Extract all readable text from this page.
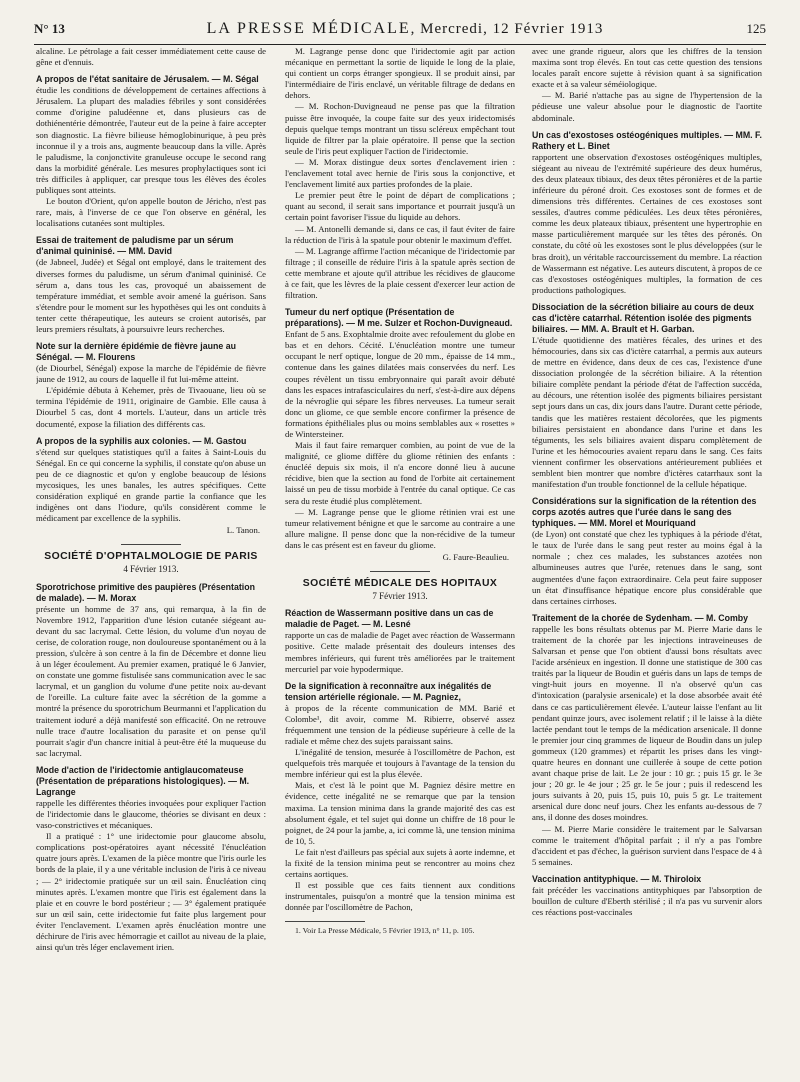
N° 13	LA PRESSE MÉDICALE, Mercredi, 12 Février 1913	125

alcaline. Le pétrolage a fait cesser immédiatement cette cause de gêne et d'ennuis.

A propos de l'état sanitaire de Jérusalem. — M. Ségal

étudie les conditions de développement de certaines affections à Jérusalem. La plupart des maladies fébriles y sont considérées comme d'origine paludéenne et, dans plusieurs cas de dothiénentérie démontrée, l'auteur eut de la peine à faire accepter son diagnostic. La fièvre bilieuse hémoglobinurique, à peu près inconnue il y a trois ans, augmente beaucoup dans la ville. Après le paludisme, la conjonctivite granuleuse occupe le second rang dans la morbidité générale. Les mesures prophylactiques sont ici très difficiles à appliquer, car presque tous les élèves des écoles publiques sont atteints.

Le bouton d'Orient, qu'on appelle bouton de Jéricho, n'est pas rare, mais, à l'inverse de ce que l'on observe en général, les localisations cutanées sont multiples.

Essai de traitement de paludisme par un sérum d'animal quininisé. — MM. David

(de Jabneel, Judée) et Ségal ont employé, dans le traitement des diverses formes du paludisme, un sérum d'animal quininisé. Ce sérum a, dans tous les cas, provoqué un abaissement de température immédiat, et semble avoir amené la guérison. Sans s'étendre pour le moment sur les hypothèses qui les ont conduits à tenter cette thérapeutique, les auteurs se croient autorisés, par leurs premiers résultats, à poursuivre leurs recherches.

Note sur la dernière épidémie de fièvre jaune au Sénégal. — M. Flourens

(de Diourbel, Sénégal) expose la marche de l'épidémie de fièvre jaune de 1912, au cours de laquelle il fut lui-même atteint.

L'épidémie débuta à Kehemer, près de Tivaouane, lieu où se termina l'épidémie de 1911, originaire de Gambie. Elle causa à Diourbel 5 cas, dont 4 mortels. L'auteur, dans un article très documenté, expose la filiation des différents cas.

A propos de la syphilis aux colonies. — M. Gastou

s'étend sur quelques statistiques qu'il a faites à Saint-Louis du Sénégal. En ce qui concerne la syphilis, il constate qu'on abuse un peu de ce diagnostic et qu'on y englobe beaucoup de lésions mycosiques, les unes banales, les autres spécifiques. Cette considération expliqué en grande partie la confiance que les indigènes ont dans l'iodure, qu'ils considèrent comme le médicament par excellence de la syphilis.

L. Tanon.

SOCIÉTÉ D'OPHTALMOLOGIE DE PARIS
4 Février 1913.
Sporotrichose primitive des paupières (Présentation de malade). — M. Morax

présente un homme de 37 ans, qui remarqua, à la fin de Novembre 1912, l'apparition d'une lésion cutanée siégeant au-devant du sac lacrymal. Cette lésion, du volume d'un noyau de cerise, de coloration rouge, non douloureuse spontanément ou à la pression, s'ulcère à son centre à la fin de Décembre et donne lieu à un léger écoulement. Au premier examen, pratiqué le 6 Janvier, on constate une gomme fistulisée sans communication avec le sac lacrymal, et un ganglion du volume d'une petite noix au-devant de l'oreille. La culture faite avec la sécrétion de la gomme a montré la présence du sporotrichum Beurmanni et l'application du traitement ioduré a déjà manifesté son efficacité. On ne retrouve nulle trace d'autre localisation du parasite et on pense qu'il pourrait s'agir d'un chancre initial à peut-être été la muqueuse du sac lacrymal.

Mode d'action de l'iridectomie antiglaucomateuse (Présentation de préparations histologiques). — M. Lagrange

rappelle les différentes théories invoquées pour expliquer l'action de l'iridectomie dans le glaucome, théories se divisant en deux : vaso-constrictives et mécaniques.

Il a pratiqué : 1° une iridectomie pour glaucome absolu, complications post-opératoires ayant nécessité l'énucléation quatre jours après. L'examen de la pièce montre que l'iris ourle les bords de la plaie, il y a une véritable inclusion de l'iris à ce niveau ; — 2° iridectomie pratiquée sur un œil sain. Énucléation cinq minutes après. L'examen montre que l'iris est également dans la plaie et en couvre le bord postérieur ; — 3° également pratiquée sur un œil sain, cette iridectomie fut faite plus largement pour éviter l'enclavement. L'examen après énucléation montre une déchirure de l'iris avec hémorragie et caillot au niveau de la plaie, ainsi qu'un très léger enclavement irien.

M. Lagrange pense donc que l'iridectomie agit par action mécanique en permettant la sortie de liquide le long de la plaie, qui contient un corps étranger spongieux. Il se produit ainsi, par l'intermédiaire de l'iris enclavé, un véritable filtrage de dedans en dehors.

— M. Rochon-Duvigneaud ne pense pas que la filtration puisse être invoquée, la coupe faite sur des yeux iridectomisés depuis quelque temps montrant un tissu scléreux empêchant tout liquide de filtrer par la plaie opératoire. Il pense que la section seule de l'iris peut expliquer l'action de l'iridectomie.

— M. Morax distingue deux sortes d'enclavement irien : l'enclavement total avec hernie de l'iris sous la conjonctive, et l'enclavement limité aux parties profondes de la plaie.

Le premier peut être le point de départ de complications ; quant au second, il serait sans importance et pourrait jusqu'à un certain point favoriser l'issue du liquide au dehors.

— M. Antonelli demande si, dans ce cas, il faut éviter de faire la réduction de l'iris à la spatule pour obtenir le maximum d'effet.

— M. Lagrange affirme l'action mécanique de l'iridectomie par filtrage ; il conseille de réduire l'iris à la spatule après section de cette membrane et ajoute qu'il attribue les récidives de glaucome à ce fait, que les lèvres de la plaie cessent d'exercer leur action de filtration.

Tumeur du nerf optique (Présentation de préparations). — M me. Sulzer et Rochon-Duvigneaud.

Enfant de 5 ans. Exophtalmie droite avec refoulement du globe en bas et en dehors. Cécité. L'énucléation montre une tumeur occupant le nerf optique, longue de 20 mm., épaisse de 14 mm., contenue dans les gaines dilatées mais conservées du nerf. Les coupes révèlent un tissu embryonnaire qui paraît avoir débuté dans les espaces intrafasciculaires du nerf, s'est-à-dire aux dépens de la névroglie qui sépare les fibres nerveuses. La tumeur serait donc un gliome, ce que semble encore confirmer la présence de formations épithéliales plus ou moins semblables aux « rosettes » de Wintersteiner.

Mais il faut faire remarquer combien, au point de vue de la malignité, ce gliome diffère du gliome rétinien des enfants : énucléé depuis six mois, il n'a encore donné lieu à aucune récidive, bien que la section au fond de l'orbite ait certainement laissé un peu de tissu morbide à l'entrée du canal optique. Ce cas sera du reste étudié plus complètement.

— M. Lagrange pense que le gliome rétinien vrai est une tumeur relativement bénigne et que le sarcome au contraire a une allure maligne. Il pense donc que la non-récidive de la tumeur dans le cas présent est en faveur du gliome.

G. Faure-Beaulieu.

SOCIÉTÉ MÉDICALE DES HOPITAUX
7 Février 1913.
Réaction de Wassermann positive dans un cas de maladie de Paget. — M. Lesné

rapporte un cas de maladie de Paget avec réaction de Wassermann positive. Cette malade présentait des douleurs intenses des membres inférieurs, qui furent très améliorées par le traitement mercuriel par voie hypodermique.

De la signification à reconnaître aux inégalités de tension artérielle régionale. — M. Pagniez,

à propos de la récente communication de MM. Barié et Colombe¹, dit avoir, comme M. Ribierre, observé assez fréquemment une tension de la pédieuse supérieure à celle de la radiale et même chez des sujets paraissant sains.

L'inégalité de tension, mesurée à l'oscillomètre de Pachon, est quelquefois très marquée et toujours à l'avantage de la tension du membre inférieur qui est la plus élevée.

Mais, et c'est là le point que M. Pagniez désire mettre en évidence, cette inégalité ne se remarque que par la tension maxima. La tension minima dans la grande majorité des cas est absolument égale, et tel sujet qui donne un chiffre de 18 pour le poignet, de 24 pour la jambe, a, ici comme là, une tension minima de 10, 5.

Le fait n'est d'ailleurs pas spécial aux sujets à aorte indemne, et la fixité de la tension minima peut se rencontrer au moins chez certains aortiques.

Il est possible que ces faits tiennent aux conditions instrumentales, puisqu'on a montré que la tension minima est donnée par l'oscillomètre de Pachon,

1. Voir La Presse Médicale, 5 Février 1913, n° 11, p. 105.

avec une grande rigueur, alors que les chiffres de la tension maxima sont trop élevés. En tout cas cette question des tensions locales paraît encore sujette à révision quant à sa signification exacte et à sa valeur séméiologique.

— M. Barié n'attache pas au signe de l'hypertension de la pédieuse une valeur absolue pour le diagnostic de l'aortite abdominale.

Un cas d'exostoses ostéogéniques multiples. — MM. F. Rathery et L. Binet

rapportent une observation d'exostoses ostéogéniques multiples, siégeant au niveau de l'extrémité supérieure des deux humérus, des deux plateaux tibiaux, des deux têtes péronières et de la partie inférieure du péroné droit. Ces exostoses sont de formes et de dimensions très différentes. Certaines de ces exostoses sont sessiles, d'autres comme pédiculées. Les deux têtes péronières, comme les deux plateaux tibiaux, présentent une hypertrophie en masse particulièrement marquée sur les têtes des péronés. On constate, du côté où les exostoses sont le plus développées (sur le bras droit), un véritable raccourcissement du membre. La réaction de Wassermann est négative. Les auteurs discutent, à propos de ce cas d'exostoses ostéogéniques multiples, la formation de ces productions pathologiques.

Dissociation de la sécrétion biliaire au cours de deux cas d'ictère catarrhal. Rétention isolée des pigments biliaires. — MM. A. Brault et H. Garban.

L'étude quotidienne des matières fécales, des urines et des hémocouries, dans six cas d'ictère catarrhal, a permis aux auteurs de mettre en évidence, dans deux de ces cas, l'existence d'une dissociation prolongée de la sécrétion biliaire. A la rétention biliaire complète pendant la période d'état de l'affection succéda, au décours, une rétention isolée des pigments biliaires persistant sept jours dans un cas, dix jours dans l'autre. Durant cette période, tandis que les matières restaient décolorées, que les pigments biliaires persistaient en abondance dans l'urine et dans les téguments, les sels biliaires avaient disparu complètement de l'urine et les hémocouries avaient reparu dans le sang. Ces faits viennent confirmer les observations antérieurement publiées et semblent bien montrer que nombre d'ictères catarrhaux sont la manifestation d'un trouble fonctionnel de la cellule hépatique.

Considérations sur la signification de la rétention des corps azotés autres que l'urée dans le sang des typhiques. — MM. Morel et Mouriquand

(de Lyon) ont constaté que chez les typhiques à la période d'état, le taux de l'urée dans le sang peut rester au moins égal à la normale ; chez ces malades, les substances azotées non albumineuses autres que l'urée, retenues dans le sang, sont augmentées d'une façon extraordinaire. Cela peut faire supposer un état d'insuffisance hépatique encore plus considérable que dans certaines cirrhoses.

Traitement de la chorée de Sydenham. — M. Comby

rappelle les bons résultats obtenus par M. Pierre Marie dans le traitement de la chorée par les injections intraveineuses de Salvarsan et pense que l'on obtient d'aussi bons résultats avec l'acide arsénieux en ingestion. Il donne une statistique de 300 cas traités par la liqueur de Boudin et guéris dans un laps de temps de vingt-huit jours en moyenne. Il n'a observé qu'un cas d'intoxication (paralysie arsenicale) et la dose absorbée avait été dans ce cas particulièrement élevée. L'auteur laisse l'enfant au lit pendant quinze jours, avec isolement relatif ; il le laisse à la diète lactée pendant tout le temps de la médication arsenicale. Il donne le premier jour cinq grammes de liqueur de Boudin dans un julep gommeux (120 grammes) et répartit les prises dans les vingt-quatre heures en donnant une cuillerée à soupe de cette potion avant chaque prise de lait. Le 2e jour : 10 gr. ; puis 15 gr. le 3e jour ; 20 gr. le 4e jour ; 25 gr. le 5e jour ; puis il redescend les jours suivants à 20, puis 15, puis 10, puis 5 gr. Le traitement arsenical dure donc neuf jours. Chez les enfants au-dessous de 7 ans, il donne des doses moindres.

— M. Pierre Marie considère le traitement par le Salvarsan comme le traitement d'hôpital parfait ; il n'y a pas l'ombre d'accident et pas d'échec, la guérison survient dans l'espace de 4 à 5 semaines.

Vaccination antityphique. — M. Thiroloix

fait précéder les vaccinations antityphiques par l'absorption de bouillon de culture d'Eberth stérilisé ; il n'a pas vu survenir alors ces réactions post-vaccinales
